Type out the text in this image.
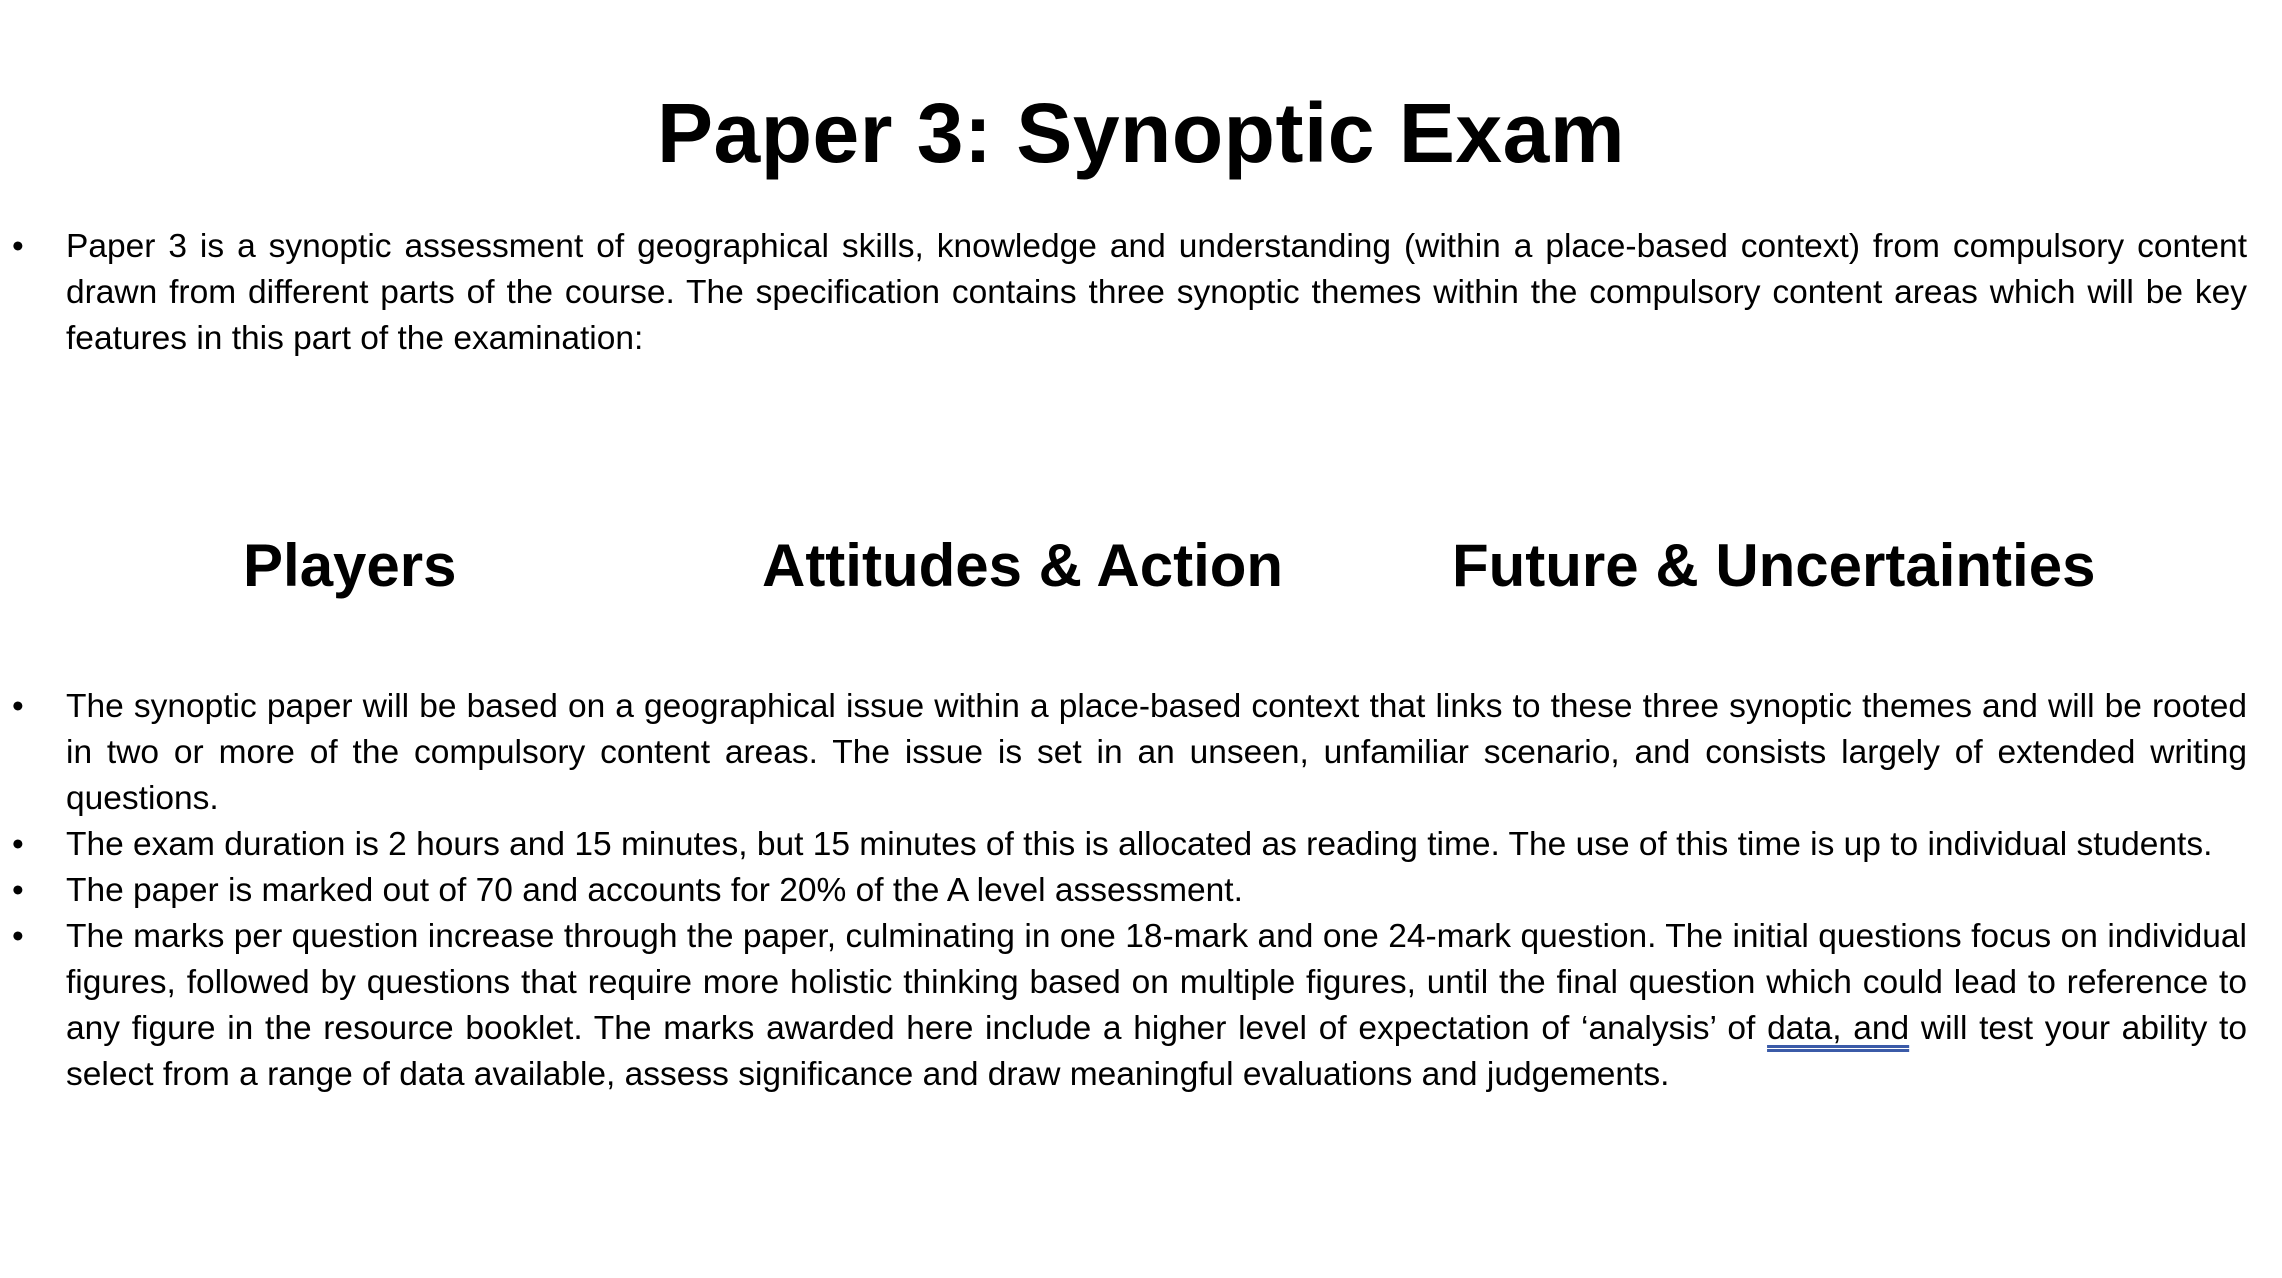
Paper 3: Synoptic Exam
• Paper 3 is a synoptic assessment of geographical skills, knowledge and understanding (within a place-based context) from compulsory content drawn from different parts of the course. The specification contains three synoptic themes within the compulsory content areas which will be key features in this part of the examination:
Players	Attitudes & Action	Future & Uncertainties
• The synoptic paper will be based on a geographical issue within a place-based context that links to these three synoptic themes and will be rooted in two or more of the compulsory content areas. The issue is set in an unseen, unfamiliar scenario, and consists largely of extended writing questions.
• The exam duration is 2 hours and 15 minutes, but 15 minutes of this is allocated as reading time. The use of this time is up to individual students.
• The paper is marked out of 70 and accounts for 20% of the A level assessment.
• The marks per question increase through the paper, culminating in one 18-mark and one 24-mark question. The initial questions focus on individual figures, followed by questions that require more holistic thinking based on multiple figures, until the final question which could lead to reference to any figure in the resource booklet. The marks awarded here include a higher level of expectation of ‘analysis’ of data, and will test your ability to select from a range of data available, assess significance and draw meaningful evaluations and judgements.
